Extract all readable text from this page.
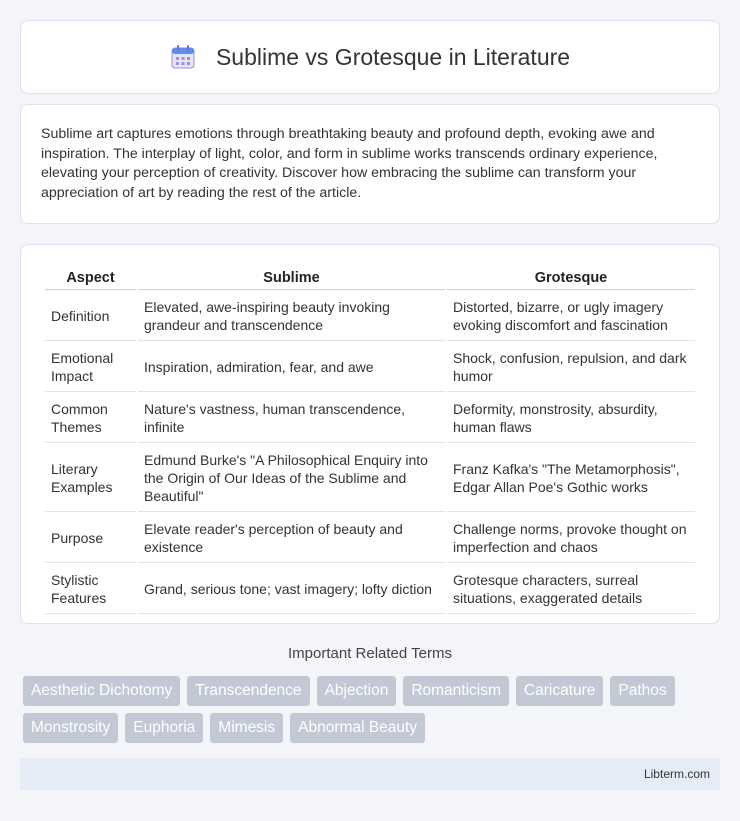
Sublime vs Grotesque in Literature
Sublime art captures emotions through breathtaking beauty and profound depth, evoking awe and inspiration. The interplay of light, color, and form in sublime works transcends ordinary experience, elevating your perception of creativity. Discover how embracing the sublime can transform your appreciation of art by reading the rest of the article.
Aspect	Sublime	Grotesque
Definition	Elevated, awe-inspiring beauty invoking grandeur and transcendence	Distorted, bizarre, or ugly imagery evoking discomfort and fascination
Emotional Impact	Inspiration, admiration, fear, and awe	Shock, confusion, repulsion, and dark humor
Common Themes	Nature's vastness, human transcendence, infinite	Deformity, monstrosity, absurdity, human flaws
Literary Examples	Edmund Burke's "A Philosophical Enquiry into the Origin of Our Ideas of the Sublime and Beautiful"	Franz Kafka's "The Metamorphosis", Edgar Allan Poe's Gothic works
Purpose	Elevate reader's perception of beauty and existence	Challenge norms, provoke thought on imperfection and chaos
Stylistic Features	Grand, serious tone; vast imagery; lofty diction	Grotesque characters, surreal situations, exaggerated details
Important Related Terms
Aesthetic Dichotomy	Transcendence	Abjection	Romanticism	Caricature	Pathos
Monstrosity	Euphoria	Mimesis	Abnormal Beauty
Libterm.com
